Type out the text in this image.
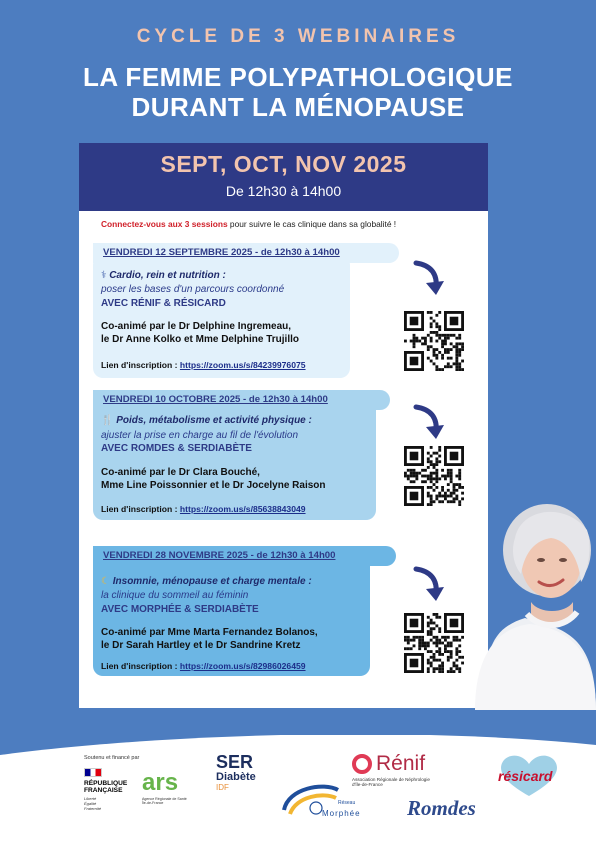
CYCLE DE 3 WEBINAIRES
LA FEMME POLYPATHOLOGIQUE
DURANT LA MÉNOPAUSE
SEPT, OCT, NOV 2025
De 12h30 à 14h00
Connectez-vous aux 3 sessions pour suivre le cas clinique dans sa globalité !
VENDREDI 12 SEPTEMBRE 2025 - de 12h30 à 14h00
⚕ Cardio, rein et nutrition :
poser les bases d'un parcours coordonné
AVEC RÉNIF & RÉSICARD
Co-animé par le Dr Delphine Ingremeau,
le Dr Anne Kolko et Mme Delphine Trujillo
Lien d'inscription : https://zoom.us/s/84239976075
VENDREDI 10 OCTOBRE 2025 - de 12h30 à 14h00
🍴 Poids, métabolisme et activité physique :
ajuster la prise en charge au fil de l'évolution
AVEC ROMDES & SERDIABÈTE
Co-animé par le Dr Clara Bouché,
Mme Line Poissonnier et le Dr Jocelyne Raison
Lien d'inscription : https://zoom.us/s/85638843049
VENDREDI 28 NOVEMBRE 2025 - de 12h30 à 14h00
☾ Insomnie, ménopause et charge mentale :
la clinique du sommeil au féminin
AVEC MORPHÉE & SERDIABÈTE
Co-animé par Mme Marta Fernandez Bolanos,
le Dr Sarah Hartley et le Dr Sandrine Kretz
Lien d'inscription : https://zoom.us/s/82986026459
Soutenu et financé par
RÉPUBLIQUE
FRANÇAISE
Liberté
Égalité
Fraternité
ars
Agence Régionale de Santé
Île-de-France
SER
Diabète
IDF
Réseau
Morphée
Rénif
Association Régionale de Néphrologie
d'Île-de-France
Romdes
résicard
